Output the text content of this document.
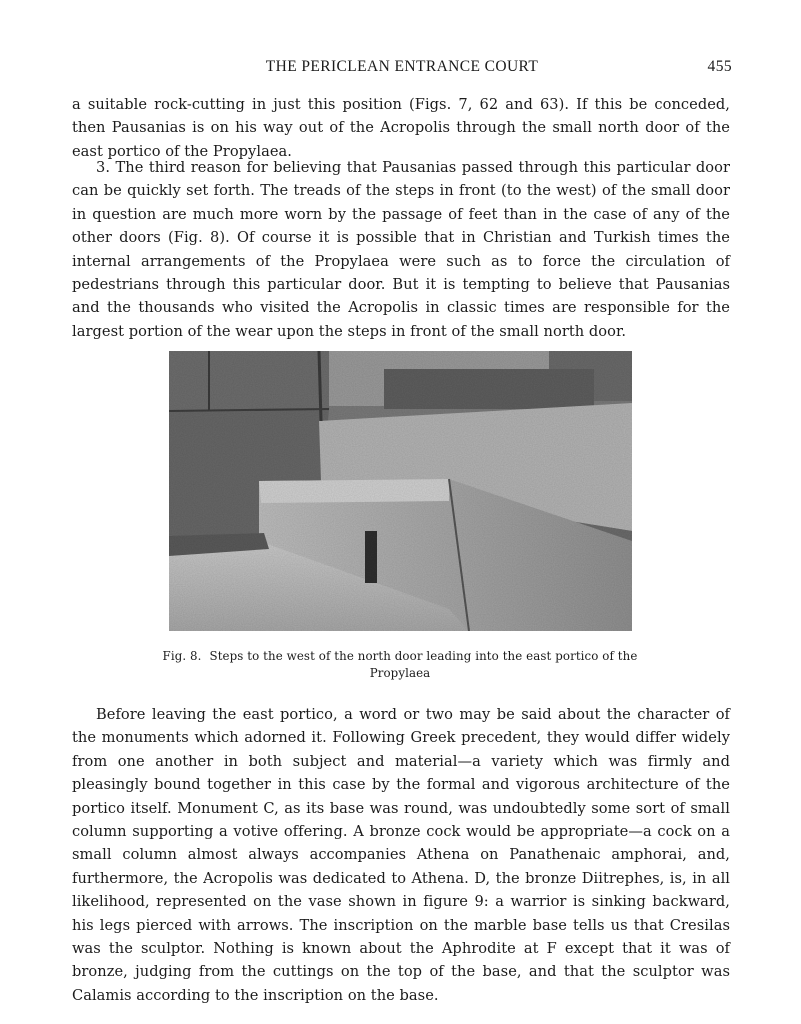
THE PERICLEAN ENTRANCE COURT	455

a suitable rock-cutting in just this position (Figs. 7, 62 and 63). If this be conceded, then Pausanias is on his way out of the Acropolis through the small north door of the east portico of the Propylaea.

3. The third reason for believing that Pausanias passed through this particular door can be quickly set forth. The treads of the steps in front (to the west) of the small door in question are much more worn by the passage of feet than in the case of any of the other doors (Fig. 8). Of course it is possible that in Christian and Turkish times the internal arrangements of the Propylaea were such as to force the circulation of pedestrians through this particular door. But it is tempting to believe that Pausanias and the thousands who visited the Acropolis in classic times are responsible for the largest portion of the wear upon the steps in front of the small north door.

Fig. 8. Steps to the west of the north door leading into the east portico of the Propylaea

Before leaving the east portico, a word or two may be said about the character of the monuments which adorned it. Following Greek precedent, they would differ widely from one another in both subject and material—a variety which was firmly and pleasingly bound together in this case by the formal and vigorous architecture of the portico itself. Monument C, as its base was round, was undoubtedly some sort of small column supporting a votive offering. A bronze cock would be appropriate—a cock on a small column almost always accompanies Athena on Panathenaic amphorai, and, furthermore, the Acropolis was dedicated to Athena. D, the bronze Diitrephes, is, in all likelihood, represented on the vase shown in figure 9: a warrior is sinking backward, his legs pierced with arrows. The inscription on the marble base tells us that Cresilas was the sculptor. Nothing is known about the Aphrodite at F except that it was of bronze, judging from the cuttings on the top of the base, and that the sculptor was Calamis according to the inscription on the base.
